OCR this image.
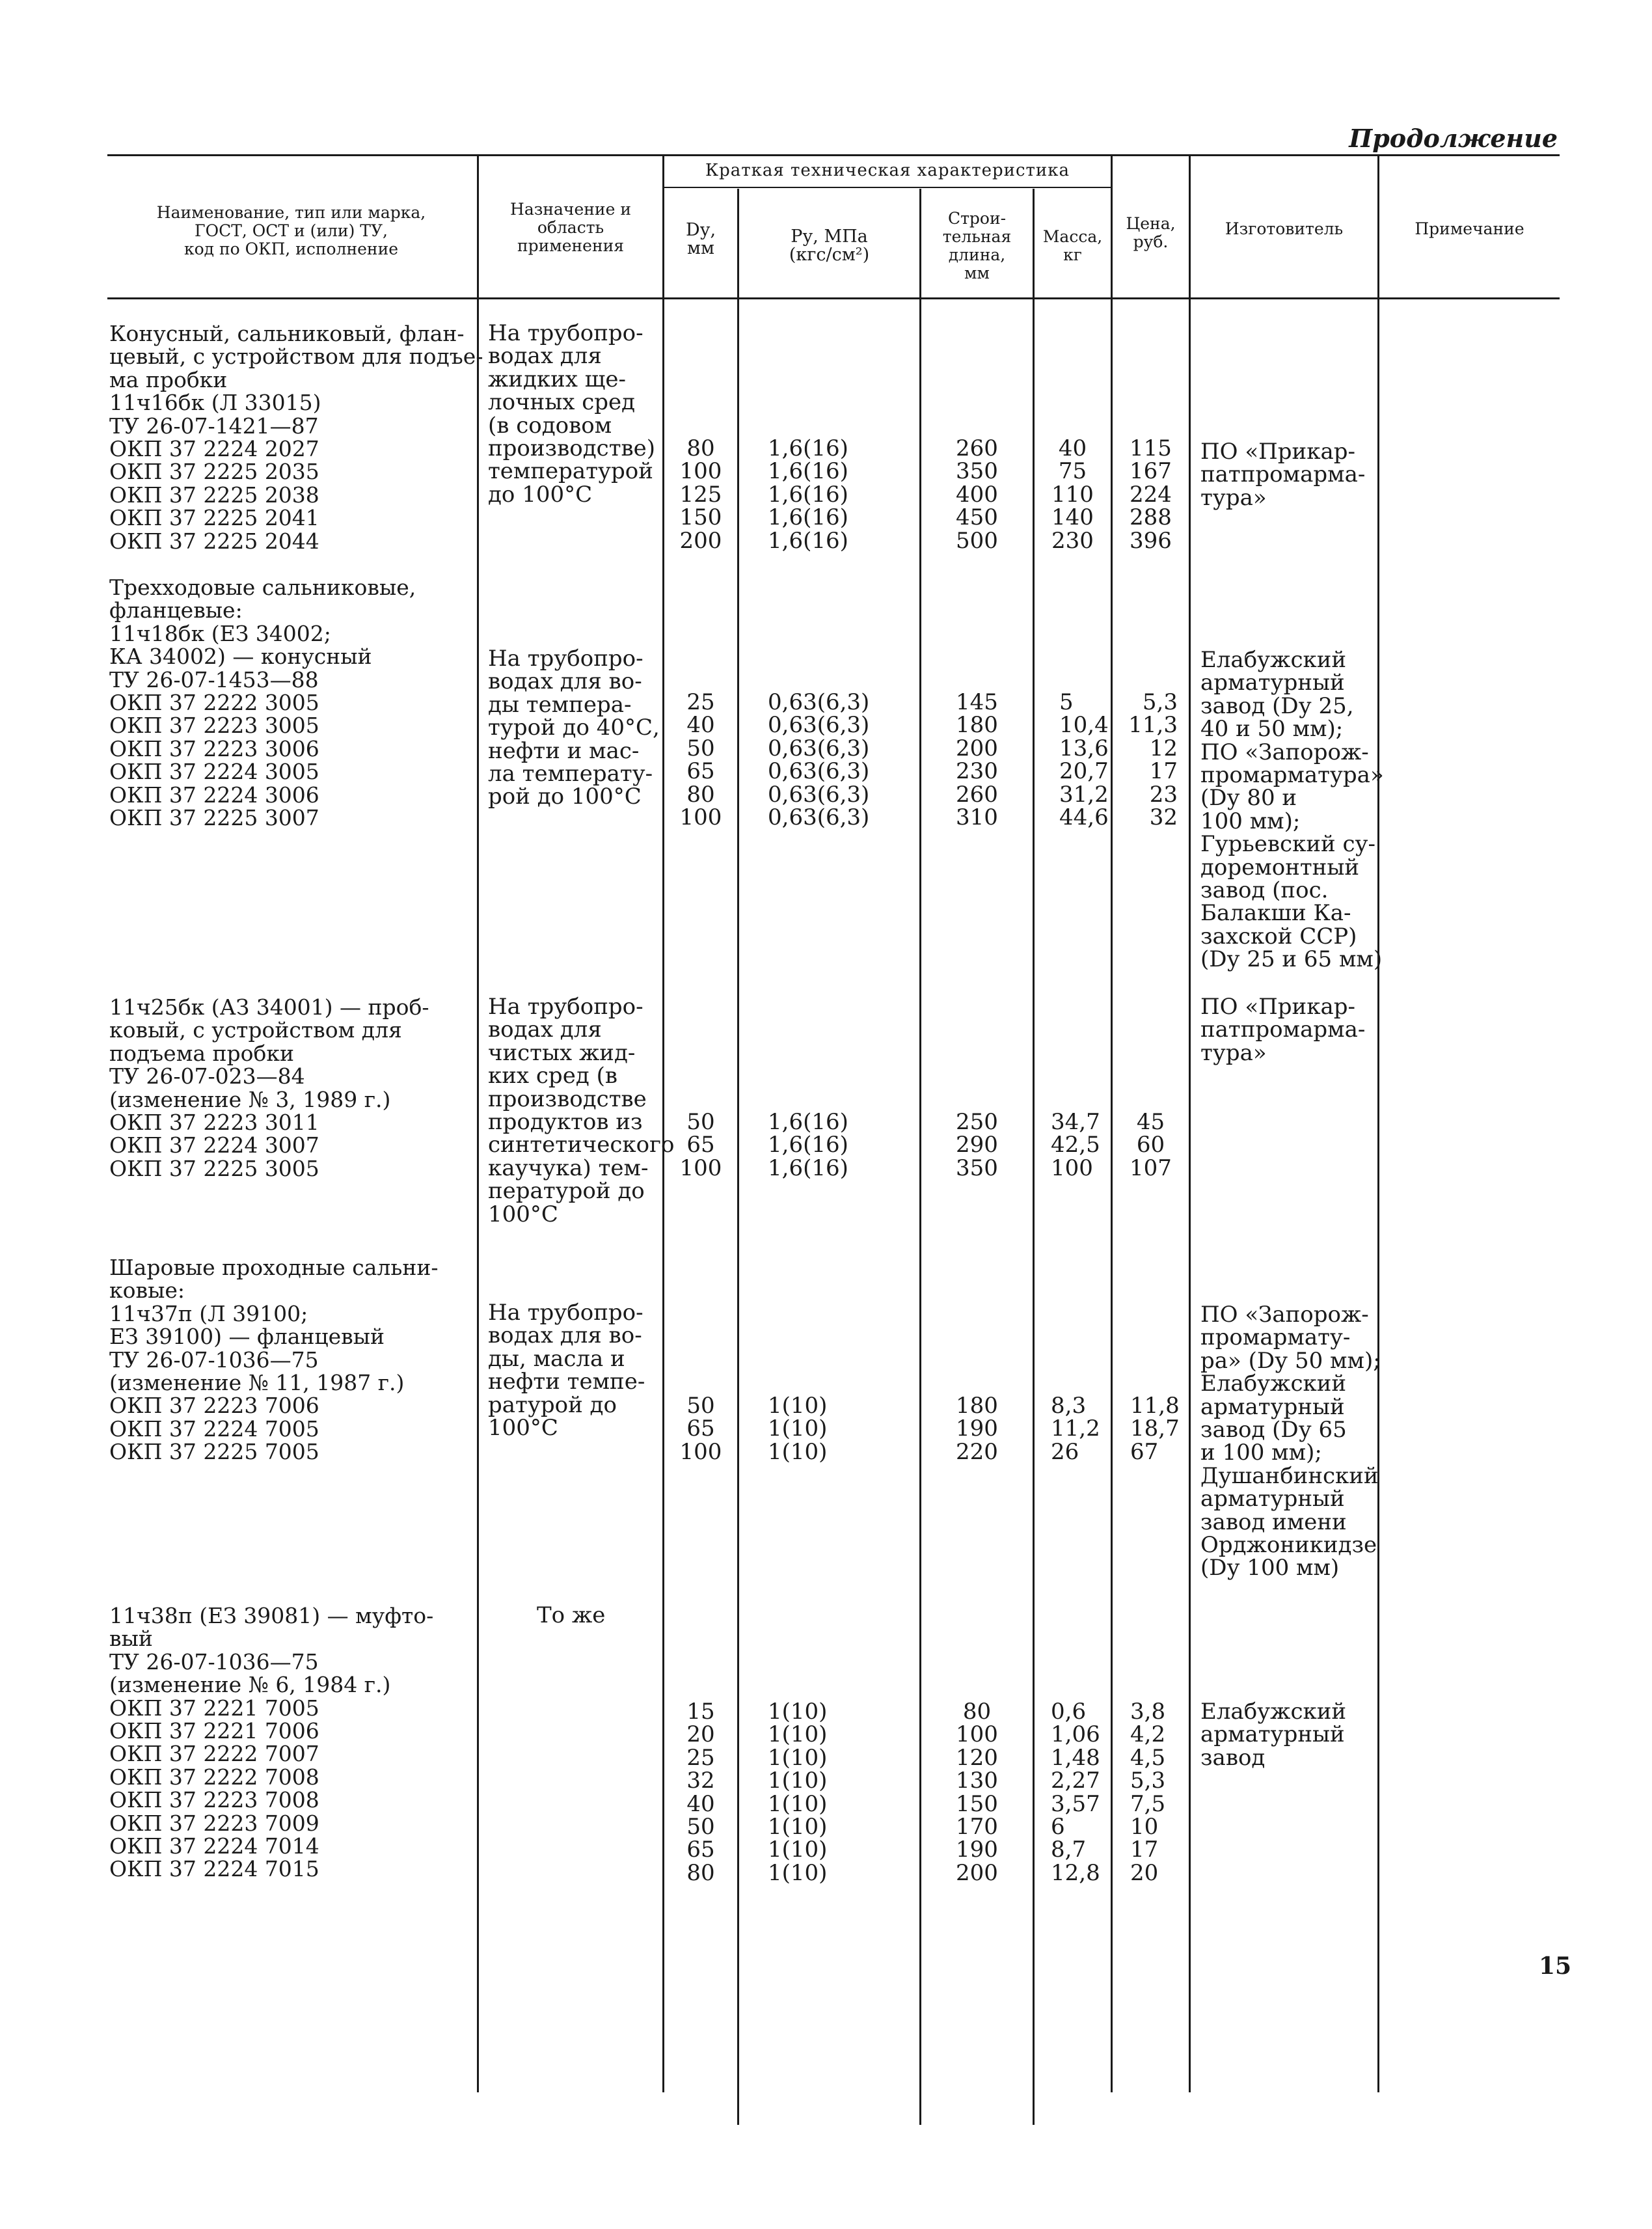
Продолжение
Наименование, тип или марка,
ГОСТ, ОСТ и (или) ТУ,
код по ОКП, исполнение
Назначение и
область
применения
Краткая техническая характеристика
Dу,
мм
Pу, МПа
(кгс/см²)
Строи-
тельная
длина,
мм
Масса,
кг
Цена,
руб.
Изготовитель	Примечание
Конусный, сальниковый, флан-
цевый, с устройством для подъе-
ма пробки
11ч16бк (Л 33015)
ТУ 26-07-1421—87
ОКП 37 2224 2027
ОКП 37 2225 2035
ОКП 37 2225 2038
ОКП 37 2225 2041
ОКП 37 2225 2044
На трубопро-
водах для
жидких ще-
лочных сред
(в содовом
производстве)
температурой
до 100°С
80
100
125
150
200
1,6(16)
1,6(16)
1,6(16)
1,6(16)
1,6(16)
260
350
400
450
500
40
75
110
140
230
115
167
224
288
396
ПО «Прикар-
патпромарма-
тура»
Трехходовые сальниковые,
фланцевые:
11ч18бк (ЕЗ 34002;
КА 34002) — конусный
ТУ 26-07-1453—88
ОКП 37 2222 3005
ОКП 37 2223 3005
ОКП 37 2223 3006
ОКП 37 2224 3005
ОКП 37 2224 3006
ОКП 37 2225 3007
На трубопро-
водах для во-
ды темпера-
турой до 40°С,
нефти и мас-
ла температу-
рой до 100°С
25
40
50
65
80
100
0,63(6,3)
0,63(6,3)
0,63(6,3)
0,63(6,3)
0,63(6,3)
0,63(6,3)
145
180
200
230
260
310
5
10,4
13,6
20,7
31,2
44,6
5,3
11,3
12
17
23
32
Елабужский
арматурный
завод (Dу 25,
40 и 50 мм);
ПО «Запорож-
промарматура»
(Dу 80 и
100 мм);
Гурьевский су-
доремонтный
завод (пос.
Балакши Ка-
захской ССР)
(Dу 25 и 65 мм)
11ч25бк (АЗ 34001) — проб-
ковый, с устройством для
подъема пробки
ТУ 26-07-023—84
(изменение № 3, 1989 г.)
ОКП 37 2223 3011
ОКП 37 2224 3007
ОКП 37 2225 3005
На трубопро-
водах для
чистых жид-
ких сред (в
производстве
продуктов из
синтетического
каучука) тем-
пературой до
100°С
50
65
100
1,6(16)
1,6(16)
1,6(16)
250
290
350
34,7
42,5
100
45
60
107
ПО «Прикар-
патпромарма-
тура»
Шаровые проходные сальни-
ковые:
11ч37п (Л 39100;
ЕЗ 39100) — фланцевый
ТУ 26-07-1036—75
(изменение № 11, 1987 г.)
ОКП 37 2223 7006
ОКП 37 2224 7005
ОКП 37 2225 7005
На трубопро-
водах для во-
ды, масла и
нефти темпе-
ратурой до
100°С
50
65
100
1(10)
1(10)
1(10)
180
190
220
8,3
11,2
26
11,8
18,7
67
ПО «Запорож-
промармату-
ра» (Dу 50 мм);
Елабужский
арматурный
завод (Dу 65
и 100 мм);
Душанбинский
арматурный
завод имени
Орджоникидзе
(Dу 100 мм)
11ч38п (ЕЗ 39081) — муфто-
вый
ТУ 26-07-1036—75
(изменение № 6, 1984 г.)
ОКП 37 2221 7005
ОКП 37 2221 7006
ОКП 37 2222 7007
ОКП 37 2222 7008
ОКП 37 2223 7008
ОКП 37 2223 7009
ОКП 37 2224 7014
ОКП 37 2224 7015
То же
15
20
25
32
40
50
65
80
1(10)
1(10)
1(10)
1(10)
1(10)
1(10)
1(10)
1(10)
80
100
120
130
150
170
190
200
0,6
1,06
1,48
2,27
3,57
6
8,7
12,8
3,8
4,2
4,5
5,3
7,5
10
17
20
Елабужский
арматурный
завод
15
